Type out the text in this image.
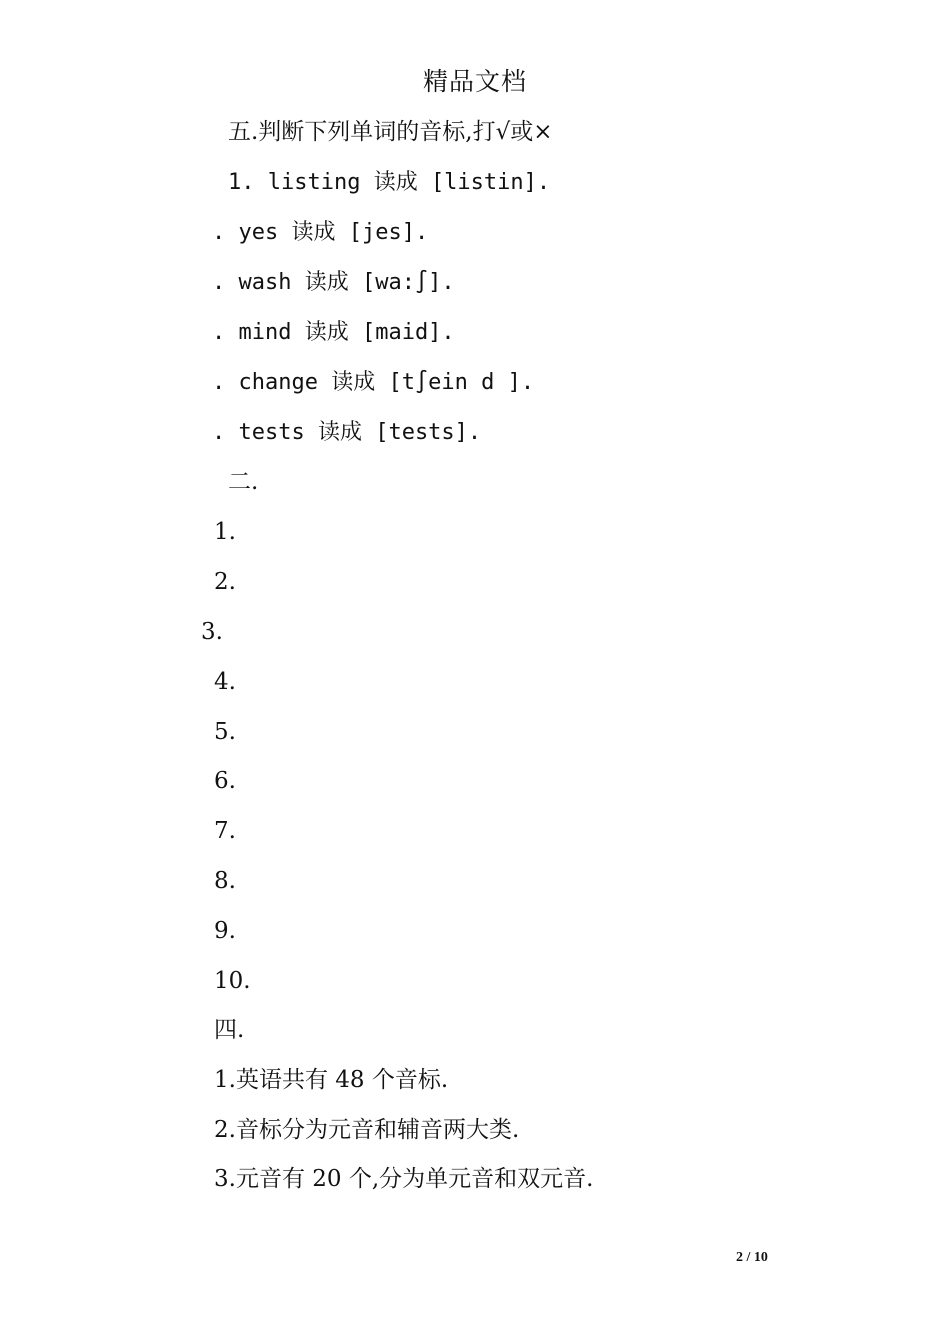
精品文档
五.判断下列单词的音标,打√或×
1. listing 读成 [listin].
. yes 读成 [jes].
. wash 读成 [wa:∫].
. mind 读成 [maid].
. change 读成 [t∫ein d ].
. tests 读成 [tests].
二.
1.
2.
3.
4.
5.
6.
7.
8.
9.
10.
四.
1.英语共有 48 个音标.
2.音标分为元音和辅音两大类.
3.元音有 20 个,分为单元音和双元音.
2 / 10
